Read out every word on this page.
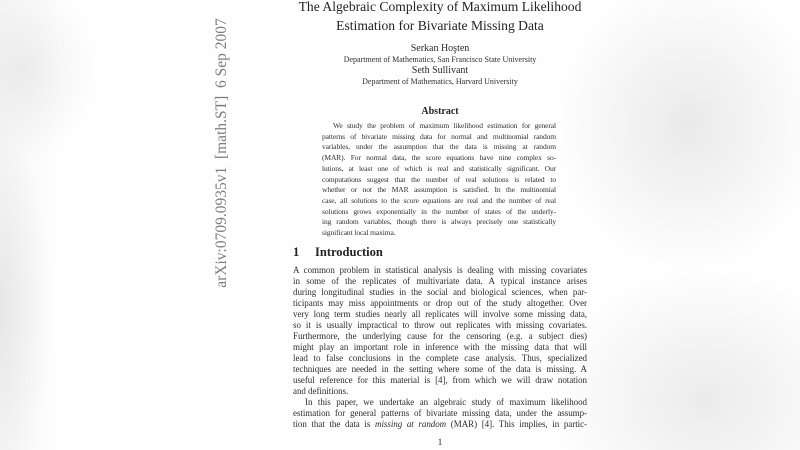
arXiv:0709.0935v1  [math.ST]  6 Sep 2007
The Algebraic Complexity of Maximum Likelihood
Estimation for Bivariate Missing Data
Serkan Hoşten
Department of Mathematics, San Francisco State University
Seth Sullivant
Department of Mathematics, Harvard University
Abstract
We study the problem of maximum likelihood estimation for general
patterns of bivariate missing data for normal and multinomial random
variables, under the assumption that the data is missing at random
(MAR). For normal data, the score equations have nine complex so-
lutions, at least one of which is real and statistically significant. Our
computations suggest that the number of real solutions is related to
whether or not the MAR assumption is satisfied. In the multinomial
case, all solutions to the score equations are real and the number of real
solutions grows exponentially in the number of states of the underly-
ing random variables, though there is always precisely one statistically
significant local maxima.
1 Introduction
A common problem in statistical analysis is dealing with missing covariates
in some of the replicates of multivariate data. A typical instance arises
during longitudinal studies in the social and biological sciences, when par-
ticipants may miss appointments or drop out of the study altogether. Over
very long term studies nearly all replicates will involve some missing data,
so it is usually impractical to throw out replicates with missing covariates.
Furthermore, the underlying cause for the censoring (e.g. a subject dies)
might play an important role in inference with the missing data that will
lead to false conclusions in the complete case analysis. Thus, specialized
techniques are needed in the setting where some of the data is missing. A
useful reference for this material is [4], from which we will draw notation
and definitions.
In this paper, we undertake an algebraic study of maximum likelihood
estimation for general patterns of bivariate missing data, under the assump-
tion that the data is missing at random (MAR) [4]. This implies, in partic-
1
